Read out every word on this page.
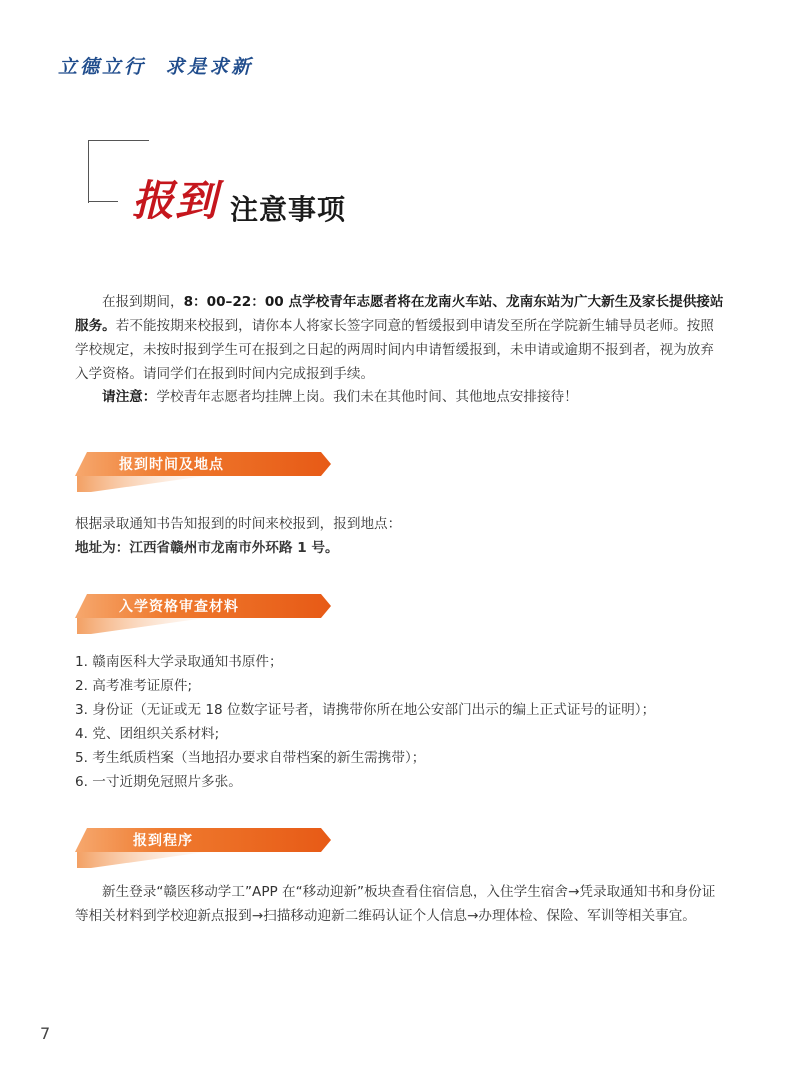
立德立行  求是求新
报到 注意事项
在报到期间，8：00–22：00 点学校青年志愿者将在龙南火车站、龙南东站为广大新生及家长提供接站服务。若不能按期来校报到，请你本人将家长签字同意的暂缓报到申请发至所在学院新生辅导员老师。按照学校规定，未按时报到学生可在报到之日起的两周时间内申请暂缓报到，未申请或逾期不报到者，视为放弃入学资格。请同学们在报到时间内完成报到手续。
请注意：学校青年志愿者均挂牌上岗。我们未在其他时间、其他地点安排接待！
报到时间及地点
根据录取通知书告知报到的时间来校报到，报到地点：
地址为：江西省赣州市龙南市外环路 1 号。
入学资格审查材料
1. 赣南医科大学录取通知书原件；
2. 高考准考证原件;
3. 身份证（无证或无 18 位数字证号者，请携带你所在地公安部门出示的编上正式证号的证明）；
4. 党、团组织关系材料;
5. 考生纸质档案（当地招办要求自带档案的新生需携带）；
6. 一寸近期免冠照片多张。
报到程序
新生登录“赣医移动学工”APP 在“移动迎新”板块查看住宿信息，入住学生宿舍→凭录取通知书和身份证等相关材料到学校迎新点报到→扫描移动迎新二维码认证个人信息→办理体检、保险、军训等相关事宜。
7
